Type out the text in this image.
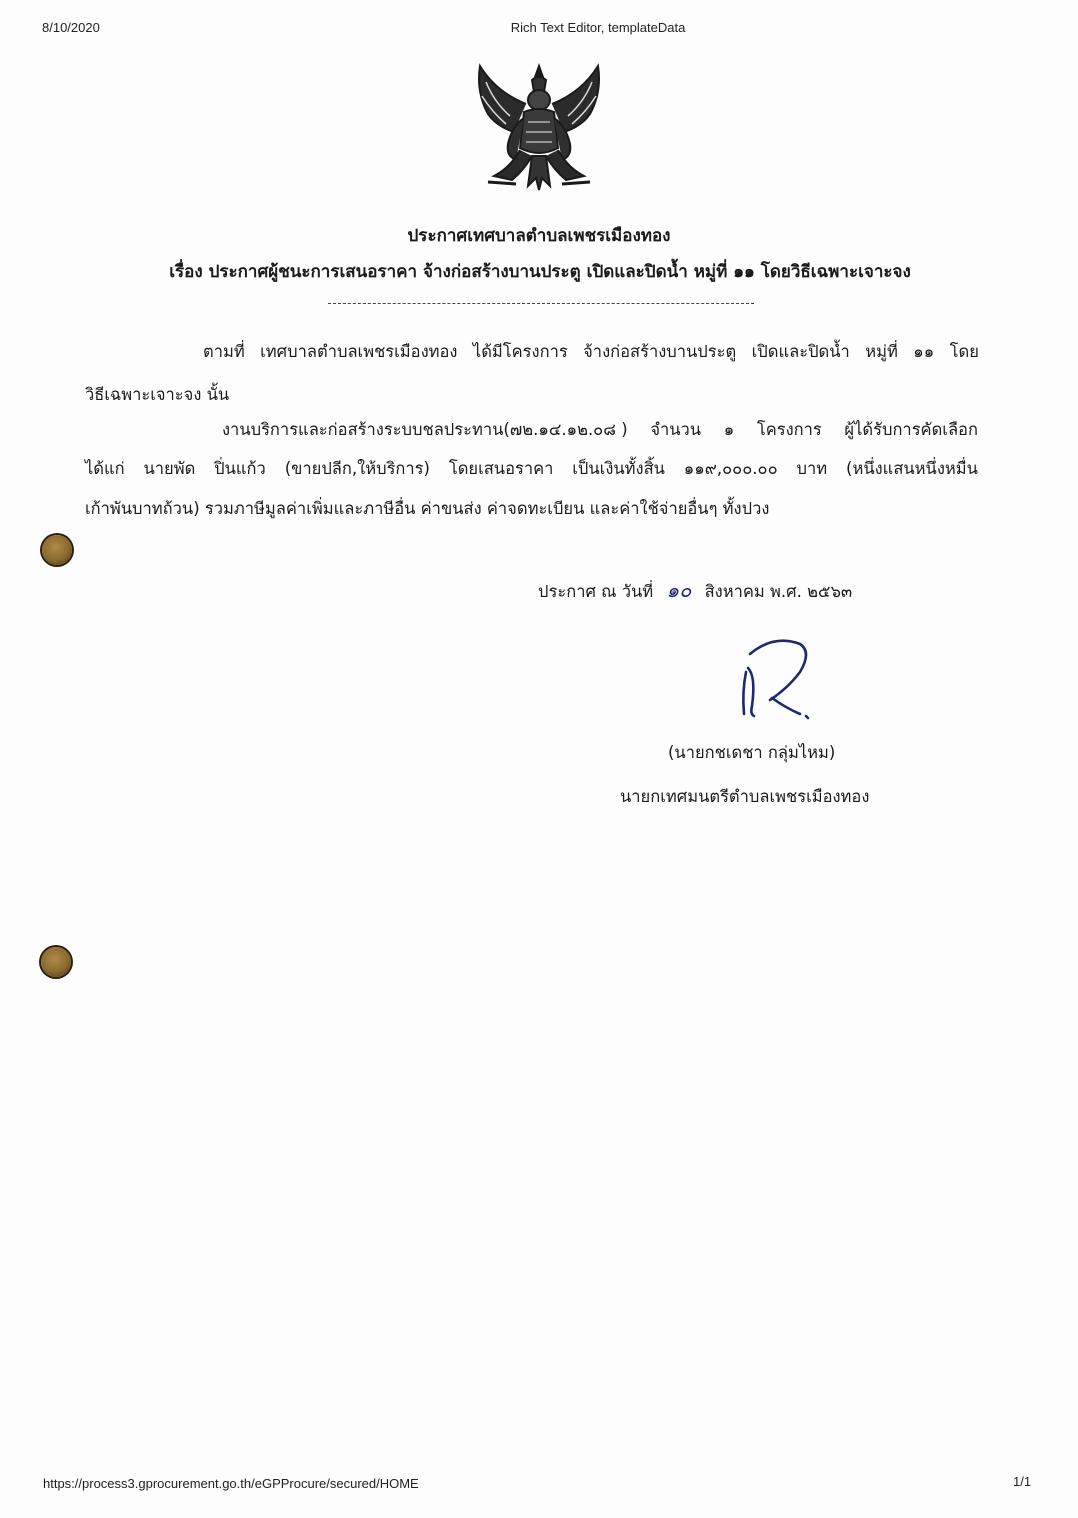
8/10/2020	Rich Text Editor, templateData
ประกาศเทศบาลตำบลเพชรเมืองทอง
เรื่อง ประกาศผู้ชนะการเสนอราคา จ้างก่อสร้างบานประตู เปิดและปิดน้ำ หมู่ที่ ๑๑ โดยวิธีเฉพาะเจาะจง
ตามที่ เทศบาลตำบลเพชรเมืองทอง ได้มีโครงการ จ้างก่อสร้างบานประตู เปิดและปิดน้ำ หมู่ที่ ๑๑ โดย
วิธีเฉพาะเจาะจง นั้น
งานบริการและก่อสร้างระบบชลประทาน(๗๒.๑๔.๑๒.๐๘ ) จำนวน ๑ โครงการ ผู้ได้รับการคัดเลือก
ได้แก่ นายพัด ปิ่นแก้ว (ขายปลีก,ให้บริการ) โดยเสนอราคา เป็นเงินทั้งสิ้น ๑๑๙,๐๐๐.๐๐ บาท (หนึ่งแสนหนึ่งหมื่น
เก้าพันบาทถ้วน) รวมภาษีมูลค่าเพิ่มและภาษีอื่น ค่าขนส่ง ค่าจดทะเบียน และค่าใช้จ่ายอื่นๆ ทั้งปวง
ประกาศ ณ วันที่ ๑๐ สิงหาคม พ.ศ. ๒๕๖๓
(นายกชเดชา กลุ่มไหม)
นายกเทศมนตรีตำบลเพชรเมืองทอง
https://process3.gprocurement.go.th/eGPProcure/secured/HOME	1/1
